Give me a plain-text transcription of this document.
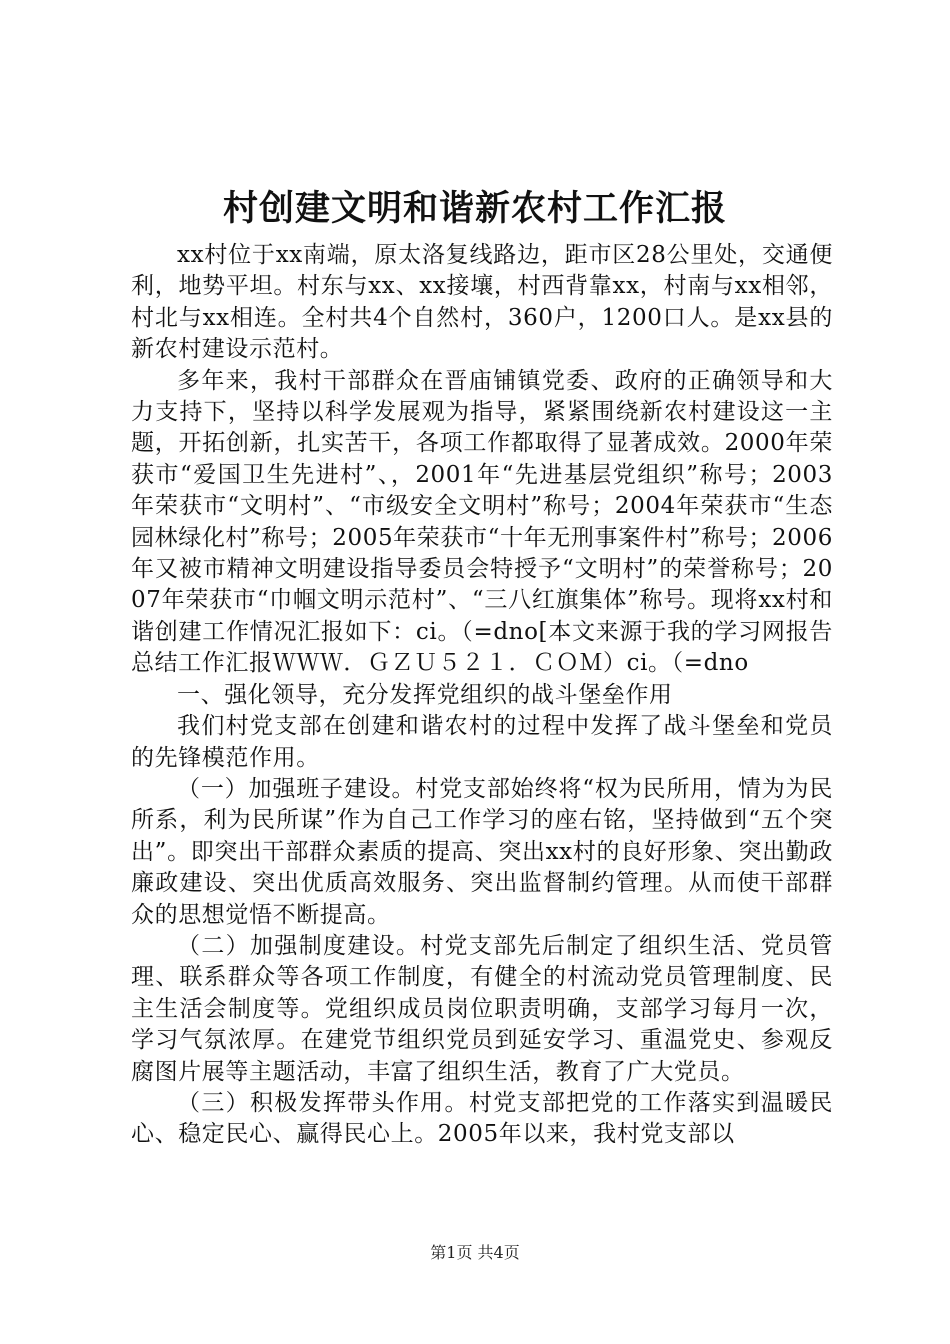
村创建文明和谐新农村工作汇报

xx村位于xx南端，原太洛复线路边，距市区28公里处，交通便利，地势平坦。村东与xx、xx接壤，村西背靠xx，村南与xx相邻，村北与xx相连。全村共4个自然村，360户，1200口人。是xx县的新农村建设示范村。

多年来，我村干部群众在晋庙铺镇党委、政府的正确领导和大力支持下，坚持以科学发展观为指导，紧紧围绕新农村建设这一主题，开拓创新，扎实苦干，各项工作都取得了显著成效。2000年荣获市“爱国卫生先进村”、，2001年“先进基层党组织”称号；2003年荣获市“文明村”、“市级安全文明村”称号；2004年荣获市“生态园林绿化村”称号；2005年荣获市“十年无刑事案件村”称号；2006年又被市精神文明建设指导委员会特授予“文明村”的荣誉称号；2007年荣获市“巾帼文明示范村”、“三八红旗集体”称号。现将xx村和谐创建工作情况汇报如下：ci。（=dno[本文来源于我的学习网报告总结工作汇报ＷＷＷ．ＧＺＵ５２１．ＣＯＭ）ci。（=dno

一、强化领导，充分发挥党组织的战斗堡垒作用

我们村党支部在创建和谐农村的过程中发挥了战斗堡垒和党员的先锋模范作用。

（一）加强班子建设。村党支部始终将“权为民所用，情为为民所系，利为民所谋”作为自己工作学习的座右铭，坚持做到“五个突出”。即突出干部群众素质的提高、突出xx村的良好形象、突出勤政廉政建设、突出优质高效服务、突出监督制约管理。从而使干部群众的思想觉悟不断提高。

（二）加强制度建设。村党支部先后制定了组织生活、党员管理、联系群众等各项工作制度，有健全的村流动党员管理制度、民主生活会制度等。党组织成员岗位职责明确，支部学习每月一次，学习气氛浓厚。在建党节组织党员到延安学习、重温党史、参观反腐图片展等主题活动，丰富了组织生活，教育了广大党员。

（三）积极发挥带头作用。村党支部把党的工作落实到温暖民心、稳定民心、赢得民心上。2005年以来，我村党支部以

第1页 共4页
